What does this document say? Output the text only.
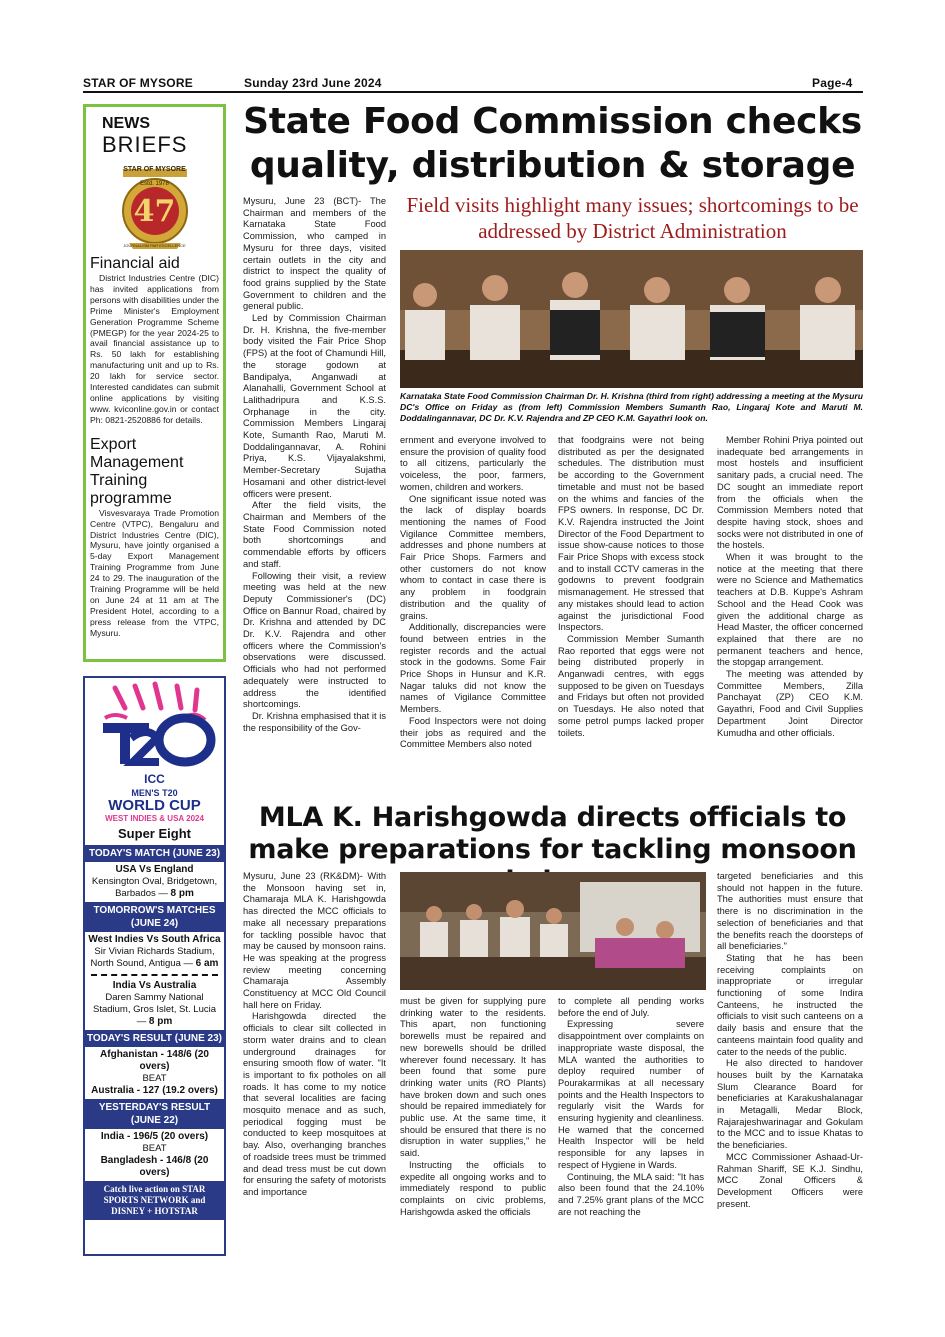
STAR OF MYSORE	Sunday 23rd June 2024	Page-4
NEWS
BRIEFS
STAR OF MYSORE
Estd. 1978
47
JOURNALISM PAR EXCELLENCE
Financial aid

District Industries Centre (DIC) has invited applications from persons with disabilities under the Prime Minister's Employment Generation Programme Scheme (PMEGP) for the year 2024-25 to avail financial assistance up to Rs. 50 lakh for establishing manufacturing unit and up to Rs. 20 lakh for service sector. Interested candidates can submit online applications by visiting www. kviconline.gov.in or contact Ph: 0821-2520886 for details.

Export Management Training programme

Visvesvaraya Trade Promotion Centre (VTPC), Bengaluru and District Industries Centre (DIC), Mysuru, have jointly organised a 5-day Export Management Training Programme from June 24 to 29. The inauguration of the Training Programme will be held on June 24 at 11 am at The President Hotel, according to a press release from the VTPC, Mysuru.

ICC
MEN'S T20
WORLD CUP
WEST INDIES & USA 2024
Super Eight
TODAY'S MATCH (JUNE 23)
USA Vs England
Kensington Oval, Bridgetown, Barbados — 8 pm
TOMORROW'S MATCHES (JUNE 24)
West Indies Vs South Africa
Sir Vivian Richards Stadium, North Sound, Antigua — 6 am
India Vs Australia
Daren Sammy National Stadium, Gros Islet, St. Lucia — 8 pm
TODAY'S RESULT (JUNE 23)
Afghanistan - 148/6 (20 overs)
BEAT
Australia - 127 (19.2 overs)
YESTERDAY'S RESULT (JUNE 22)
India - 196/5 (20 overs)
BEAT
Bangladesh - 146/8 (20 overs)
Catch live action on STAR SPORTS NETWORK and DISNEY + HOTSTAR
State Food Commission checks quality, distribution & storage
Field visits highlight many issues; shortcomings to be addressed by District Administration

Mysuru, June 23 (BCT)- The Chairman and members of the Karnataka State Food Commission, who camped in Mysuru for three days, visited certain outlets in the city and district to inspect the quality of food grains supplied by the State Government to children and the general public.

Led by Commission Chairman Dr. H. Krishna, the five-member body visited the Fair Price Shop (FPS) at the foot of Chamundi Hill, the storage godown at Bandipalya, Anganwadi at Alanahalli, Government School at Lalithadripura and K.S.S. Orphanage in the city. Commission Members Lingaraj Kote, Sumanth Rao, Maruti M. Doddalingannavar, A. Rohini Priya, K.S. Vijayalakshmi, Member-Secretary Sujatha Hosamani and other district-level officers were present.

After the field visits, the Chairman and Members of the State Food Commission noted both shortcomings and commendable efforts by officers and staff.

Following their visit, a review meeting was held at the new Deputy Commissioner's (DC) Office on Bannur Road, chaired by Dr. Krishna and attended by DC Dr. K.V. Rajendra and other officers where the Commission's observations were discussed. Officials who had not performed adequately were instructed to address the identified shortcomings.

Dr. Krishna emphasised that it is the responsibility of the Gov-

Karnataka State Food Commission Chairman Dr. H. Krishna (third from right) addressing a meeting at the Mysuru DC's Office on Friday as (from left) Commission Members Sumanth Rao, Lingaraj Kote and Maruti M. Doddalingannavar, DC Dr. K.V. Rajendra and ZP CEO K.M. Gayathri look on.

ernment and everyone involved to ensure the provision of quality food to all citizens, particularly the voiceless, the poor, farmers, women, children and workers.

One significant issue noted was the lack of display boards mentioning the names of Food Vigilance Committee members, addresses and phone numbers at Fair Price Shops. Farmers and other customers do not know whom to contact in case there is any problem in foodgrain distribution and the quality of grains.

Additionally, discrepancies were found between entries in the register records and the actual stock in the godowns. Some Fair Price Shops in Hunsur and K.R. Nagar taluks did not know the names of Vigilance Committee Members.

Food Inspectors were not doing their jobs as required and the Committee Members also noted

that foodgrains were not being distributed as per the designated schedules. The distribution must be according to the Government timetable and must not be based on the whims and fancies of the FPS owners. In response, DC Dr. K.V. Rajendra instructed the Joint Director of the Food Department to issue show-cause notices to those Fair Price Shops with excess stock and to install CCTV cameras in the godowns to prevent foodgrain mismanagement. He stressed that any mistakes should lead to action against the jurisdictional Food Inspectors.

Commission Member Sumanth Rao reported that eggs were not being distributed properly in Anganwadi centres, with eggs supposed to be given on Tuesdays and Fridays but often not provided on Tuesdays. He also noted that some petrol pumps lacked proper toilets.

Member Rohini Priya pointed out inadequate bed arrangements in most hostels and insufficient sanitary pads, a crucial need. The DC sought an immediate report from the officials when the Commission Members noted that despite having stock, shoes and socks were not distributed in one of the hostels.

When it was brought to the notice at the meeting that there were no Science and Mathematics teachers at D.B. Kuppe's Ashram School and the Head Cook was given the additional charge as Head Master, the officer concerned explained that there are no permanent teachers and hence, the stopgap arrangement.

The meeting was attended by Committee Members, Zilla Panchayat (ZP) CEO K.M. Gayathri, Food and Civil Supplies Department Joint Director Kumudha and other officials.

MLA K. Harishgowda directs officials to make preparations for tackling monsoon

Mysuru, June 23 (RK&DM)- With the Monsoon having set in, Chamaraja MLA K. Harishgowda has directed the MCC officials to make all necessary preparations for tackling possible havoc that may be caused by monsoon rains. He was speaking at the progress review meeting concerning Chamaraja Assembly Constituency at MCC Old Council hall here on Friday.

Harishgowda directed the officials to clear silt collected in storm water drains and to clean underground drainages for ensuring smooth flow of water. "It is important to fix potholes on all roads. It has come to my notice that several localities are facing mosquito menace and as such, periodical fogging must be conducted to keep mosquitoes at bay. Also, overhanging branches of roadside trees must be trimmed and dead tress must be cut down for ensuring the safety of motorists and importance

must be given for supplying pure drinking water to the residents. This apart, non functioning borewells must be repaired and new borewells should be drilled wherever found necessary. It has been found that some pure drinking water units (RO Plants) have broken down and such ones should be repaired immediately for public use. At the same time, it should be ensured that there is no disruption in water supplies," he said.

Instructing the officials to expedite all ongoing works and to immediately respond to public complaints on civic problems, Harishgowda asked the officials

to complete all pending works before the end of July.

Expressing severe disappointment over complaints on inappropriate waste disposal, the MLA wanted the authorities to deploy required number of Pourakarmikas at all necessary points and the Health Inspectors to regularly visit the Wards for ensuring hygienity and cleanliness. He warned that the concerned Health Inspector will be held responsible for any lapses in respect of Hygiene in Wards.

Continuing, the MLA said: "It has also been found that the 24.10% and 7.25% grant plans of the MCC are not reaching the

targeted beneficiaries and this should not happen in the future. The authorities must ensure that there is no discrimination in the selection of beneficiaries and that the benefits reach the doorsteps of all beneficiaries."

Stating that he has been receiving complaints on inappropriate or irregular functioning of some Indira Canteens, he instructed the officials to visit such canteens on a daily basis and ensure that the canteens maintain food quality and cater to the needs of the public.

He also directed to handover houses built by the Karnataka Slum Clearance Board for beneficiaries at Karakushalanagar in Metagalli, Medar Block, Rajarajeshwarinagar and Gokulam to the MCC and to issue Khatas to the beneficiaries.

MCC Commissioner Ashaad-Ur-Rahman Shariff, SE K.J. Sindhu, MCC Zonal Officers & Development Officers were present.
